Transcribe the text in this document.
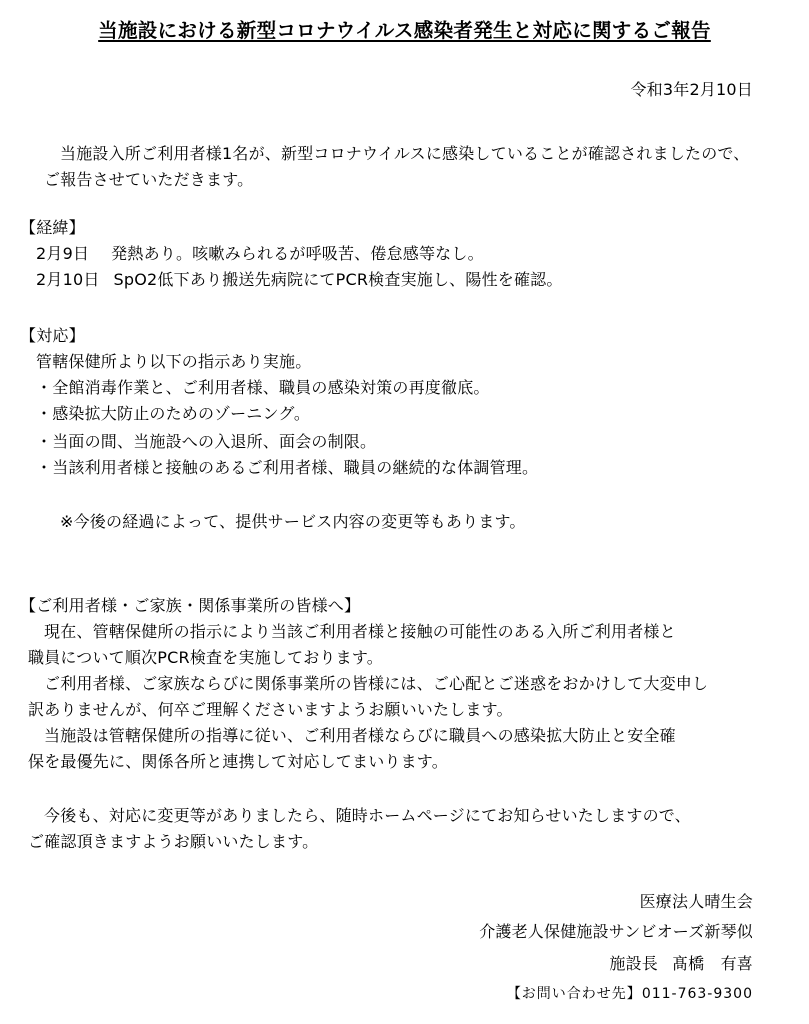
当施設における新型コロナウイルス感染者発生と対応に関するご報告
令和3年2月10日
当施設入所ご利用者様1名が、新型コロナウイルスに感染していることが確認されましたので、
ご報告させていただきます。
【経緯】
2月9日 発熱あり。咳嗽みられるが呼吸苦、倦怠感等なし。
2月10日 SpO2低下あり搬送先病院にてPCR検査実施し、陽性を確認。
【対応】
管轄保健所より以下の指示あり実施。
・全館消毒作業と、ご利用者様、職員の感染対策の再度徹底。
・感染拡大防止のためのゾーニング。
・当面の間、当施設への入退所、面会の制限。
・当該利用者様と接触のあるご利用者様、職員の継続的な体調管理。
※今後の経過によって、提供サービス内容の変更等もあります。
【ご利用者様・ご家族・関係事業所の皆様へ】
現在、管轄保健所の指示により当該ご利用者様と接触の可能性のある入所ご利用者様と
職員について順次PCR検査を実施しております。
ご利用者様、ご家族ならびに関係事業所の皆様には、ご心配とご迷惑をおかけして大変申し
訳ありませんが、何卒ご理解くださいますようお願いいたします。
当施設は管轄保健所の指導に従い、ご利用者様ならびに職員への感染拡大防止と安全確
保を最優先に、関係各所と連携して対応してまいります。
今後も、対応に変更等がありましたら、随時ホームページにてお知らせいたしますので、
ご確認頂きますようお願いいたします。
医療法人晴生会
介護老人保健施設サンビオーズ新琴似
施設長 髙橋　有喜
【お問い合わせ先】011-763-9300
